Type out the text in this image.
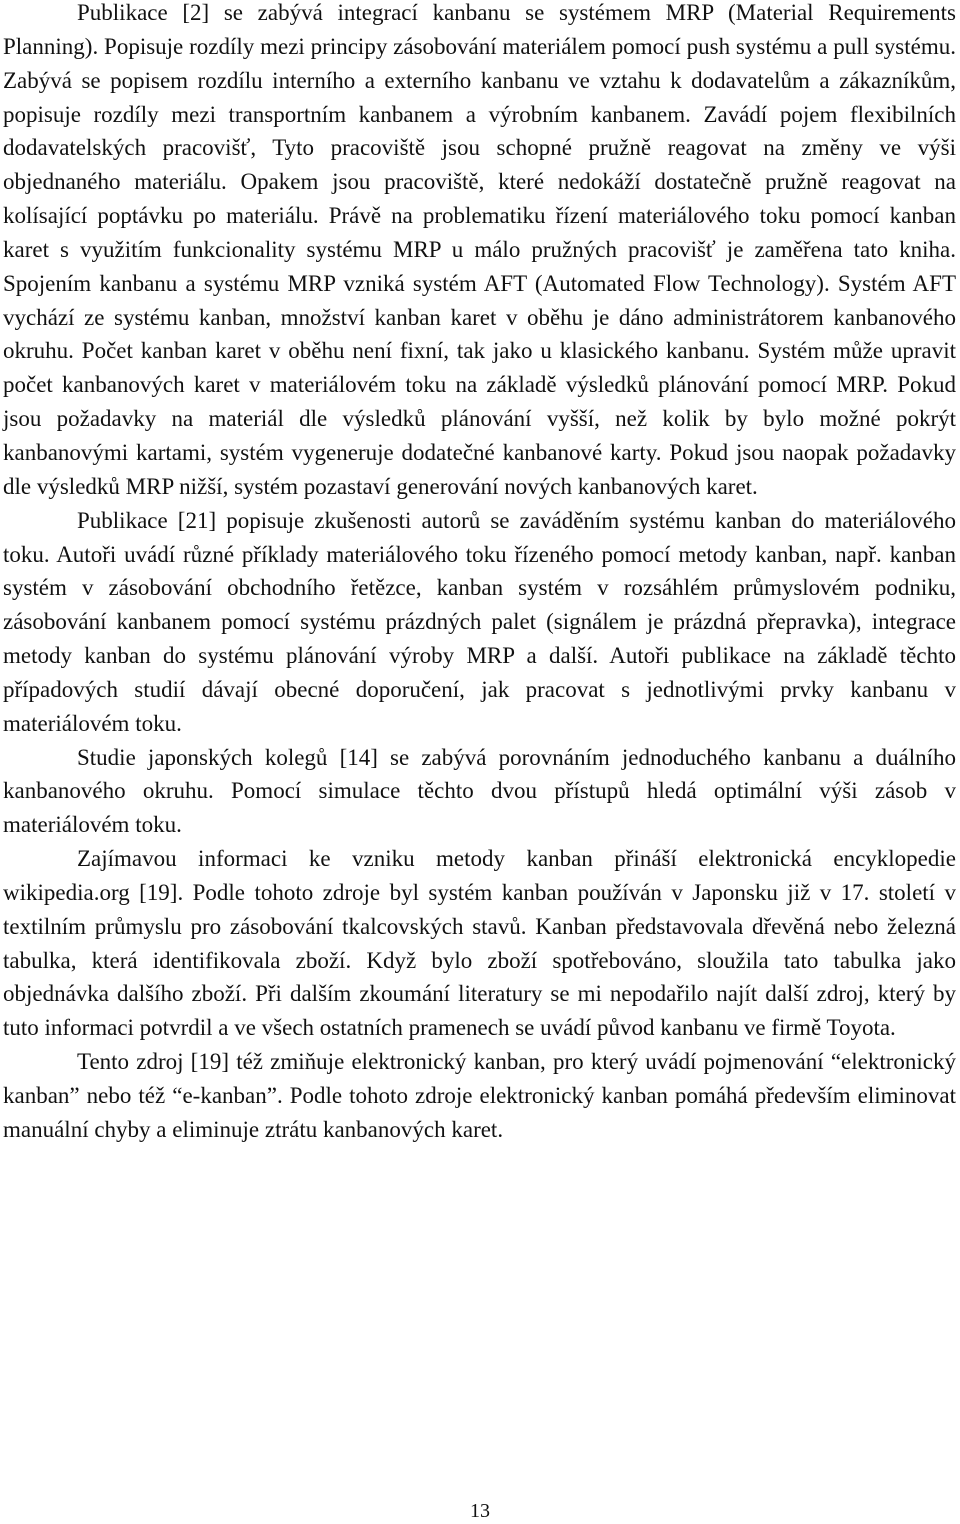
Publikace [2] se zabývá integrací kanbanu se systémem MRP (Material Requirements Planning). Popisuje rozdíly mezi principy zásobování materiálem pomocí push systému a pull systému. Zabývá se popisem rozdílu interního a externího kanbanu ve vztahu k dodavatelům a zákazníkům, popisuje rozdíly mezi transportním kanbanem a výrobním kanbanem. Zavádí pojem flexibilních dodavatelských pracovišť, Tyto pracoviště jsou schopné pružně reagovat na změny ve výši objednaného materiálu. Opakem jsou pracoviště, které nedokáží dostatečně pružně reagovat na kolísající poptávku po materiálu. Právě na problematiku řízení materiálového toku pomocí kanban karet s využitím funkcionality systému MRP u málo pružných pracovišť je zaměřena tato kniha. Spojením kanbanu a systému MRP vzniká systém AFT (Automated Flow Technology). Systém AFT vychází ze systému kanban, množství kanban karet v oběhu je dáno administrátorem kanbanového okruhu. Počet kanban karet v oběhu není fixní, tak jako u klasického kanbanu. Systém může upravit počet kanbanových karet v materiálovém toku na základě výsledků plánování pomocí MRP. Pokud jsou požadavky na materiál dle výsledků plánování vyšší, než kolik by bylo možné pokrýt kanbanovými kartami, systém vygeneruje dodatečné kanbanové karty. Pokud jsou naopak požadavky dle výsledků MRP nižší, systém pozastaví generování nových kanbanových karet.

Publikace [21] popisuje zkušenosti autorů se zaváděním systému kanban do materiálového toku. Autoři uvádí různé příklady materiálového toku řízeného pomocí metody kanban, např. kanban systém v zásobování obchodního řetězce, kanban systém v rozsáhlém průmyslovém podniku, zásobování kanbanem pomocí systému prázdných palet (signálem je prázdná přepravka), integrace metody kanban do systému plánování výroby MRP a další. Autoři publikace na základě těchto případových studií dávají obecné doporučení, jak pracovat s jednotlivými prvky kanbanu v materiálovém toku.

Studie japonských kolegů [14] se zabývá porovnáním jednoduchého kanbanu a duálního kanbanového okruhu. Pomocí simulace těchto dvou přístupů hledá optimální výši zásob v materiálovém toku.

Zajímavou informaci ke vzniku metody kanban přináší elektronická encyklopedie wikipedia.org [19]. Podle tohoto zdroje byl systém kanban používán v Japonsku již v 17. století v textilním průmyslu pro zásobování tkalcovských stavů. Kanban představovala dřevěná nebo železná tabulka, která identifikovala zboží. Když bylo zboží spotřebováno, sloužila tato tabulka jako objednávka dalšího zboží. Při dalším zkoumání literatury se mi nepodařilo najít další zdroj, který by tuto informaci potvrdil a ve všech ostatních pramenech se uvádí původ kanbanu ve firmě Toyota.

Tento zdroj [19] též zmiňuje elektronický kanban, pro který uvádí pojmenování “elektronický kanban” nebo též “e-kanban”. Podle tohoto zdroje elektronický kanban pomáhá především eliminovat manuální chyby a eliminuje ztrátu kanbanových karet.

13
